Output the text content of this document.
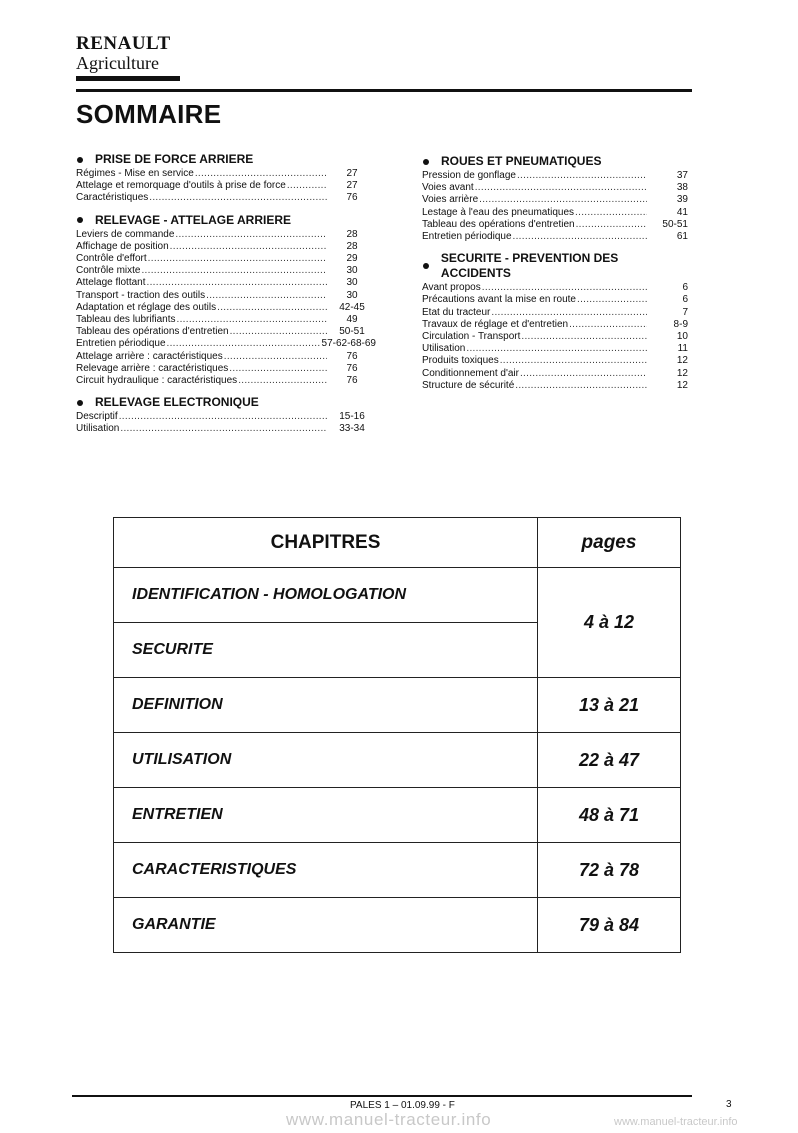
RENAULT
Agriculture
SOMMAIRE
PRISE DE FORCE ARRIERE
Régimes - Mise en service .....	27
Attelage et remorquage d'outils à prise de force .....	27
Caractéristiques .....	76
RELEVAGE - ATTELAGE ARRIERE
Leviers de commande .....	28
Affichage de position .....	28
Contrôle d'effort .....	29
Contrôle mixte .....	30
Attelage flottant .....	30
Transport - traction des outils .....	30
Adaptation et réglage des outils .....	42-45
Tableau des lubrifiants .....	49
Tableau des opérations d'entretien .....	50-51
Entretien périodique .....	57-62-68-69
Attelage arrière : caractéristiques .....	76
Relevage arrière : caractéristiques .....	76
Circuit hydraulique : caractéristiques .....	76
RELEVAGE ELECTRONIQUE
Descriptif .....	15-16
Utilisation .....	33-34
ROUES ET PNEUMATIQUES
Pression de gonflage .....	37
Voies avant .....	38
Voies arrière .....	39
Lestage à l'eau des pneumatiques .....	41
Tableau des opérations d'entretien .....	50-51
Entretien périodique .....	61
SECURITE - PREVENTION DES ACCIDENTS
Avant propos .....	6
Précautions avant la mise en route .....	6
Etat du tracteur .....	7
Travaux de réglage et d'entretien .....	8-9
Circulation - Transport .....	10
Utilisation .....	11
Produits toxiques .....	12
Conditionnement d'air .....	12
Structure de sécurité .....	12
CHAPITRES	pages
IDENTIFICATION - HOMOLOGATION	4 à 12
SECURITE	
DEFINITION	13 à 21
UTILISATION	22 à 47
ENTRETIEN	48 à 71
CARACTERISTIQUES	72 à 78
GARANTIE	79 à 84
PALES 1 – 01.09.99 - F	3
www.manuel-tracteur.info	www.manuel-tracteur.info
